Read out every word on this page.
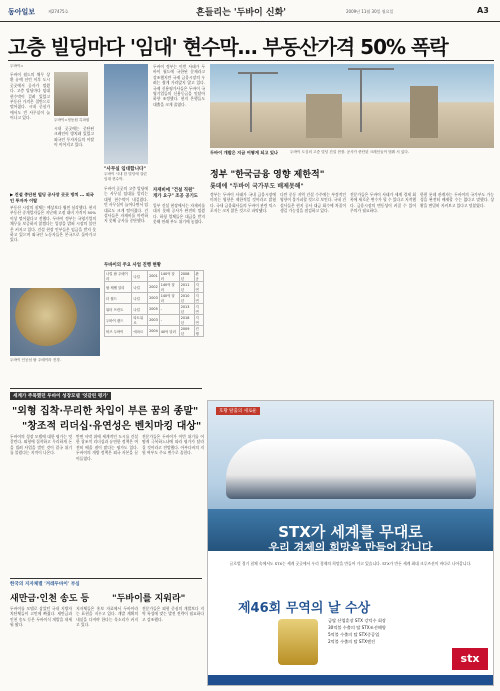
동아일보	제27475호	흔들리는 '두바이 신화'	2009년 11월 30일 월요일	A3
고층 빌딩마다 '임대' 현수막… 부동산가격 50% 폭락
두바이=
두바이 월드의 채무 상환 유예 선언 이후 도시 곳곳에서 공사가 멈췄다. 고층 빌딩마다 임대 현수막이 걸려 있었고 부동산 가격은 절반으로 떨어졌다. 시내 중심가에서도 빈 사무실이 늘어나고 있다.	두바이=정동원 특파원
시내 곳곳에는 중단된 크레인이 방치돼 있었고 외국인 투자자들의 이탈이 이어지고 있다.
▶ 건설 중단된 빌딩 공사장 곳곳 방치 … 외국인 투자자 이탈
부동산 시장의 침체는 예상보다 훨씬 심각했다. 현지 부동산 중개업자들은 지난해 고점 대비 가격이 50% 이상 떨어졌다고 전했다. 두바이 정부는 국영기업의 채무를 보증하지 않겠다는 입장을 밝혀 시장의 불안은 커지고 있다. 건설 현장 인부들은 임금을 받지 못하고 있으며 외국인 노동자들은 본국으로 돌아가고 있다.
두바이 인공섬 팜 주메이라 전경.
"사무실 임대합니다"
두바이 시내 한 빌딩에 걸린 임대 현수막.
두바이 곳곳의 고층 빌딩에는 사무실 임대를 알리는 대형 현수막이 내걸렸다. 빈 사무실이 늘어나면서 임대료도 크게 떨어졌다. 건설사들은 자재비를 마련하지 못해 공사를 중단했다.
두바이 정부는 이번 사태가 두바이 월드에 국한된 문제라고 강조했지만 국제 금융시장의 우려는 쉽게 가라앉지 않고 있다. 국제 신용평가사들은 두바이 국영기업들의 신용등급을 잇달아 하향 조정했다. 현지 은행들도 대출을 크게 줄였다.
자재비에 "건설 직원"
개가 요구" 조공 공기도
일부 건설 현장에서는 자재비를 대지 못해 공사가 완전히 멈췄다. 하청 업체들은 대금을 받지 못해 연쇄 부도 위기에 놓였다.
두바이의 주요 사업 진행 현황
나킬 팜 주메이라	나킬	2001	140억 달러	2008년	완공
팜 제벨 알리	나킬	2002	140억 달러	2011년	지연
더 월드	나킬	2003	140억 달러	2010년	지연
워터 프런트	나킬	2005	-	2013년	지연
두바이 랜드	타트위르	2003	-	2018년	지연
버즈 두바이	에마르	2004	40억 달러	2009년	진행
두바이 개발은 지금 어떻게 되고 있나	두바이 도심의 고층 빌딩 건설 현장. 공사가 중단된 크레인들이 멈춰 서 있다.
정부 "한국금융 영향 제한적"
롯데에 "두바이 국가부도 배제못해"
정부는 두바이 사태가 국내 금융시장에 미치는 영향은 제한적일 것이라고 밝혔다. 국내 금융회사들의 두바이 관련 익스포저는 크지 않은 것으로 파악됐다.
다만 중동 지역 건설 수주에는 부정적인 영향이 불가피할 것으로 보인다. 국내 건설사들은 현지 공사 대금 회수에 차질이 생길 가능성을 점검하고 있다.
전문가들은 두바이 사태가 세계 경제 회복에 새로운 변수가 될 수 있다고 지적했다. 금융시장의 변동성이 커질 수 있어 주의가 필요하다.
한편 롯데 관계자는 두바이의 국가부도 가능성을 완전히 배제할 수는 없다고 말했다. 상황을 면밀히 지켜보고 있다고 덧붙였다.
세계가 주목했던 두바이 성장모델 '엇갈린 평가'
"외형 집착·무리한 차입이 부른 꿈의 종말"
"창조적 리더십·유연성은 벤치마킹 대상"
두바이의 성장 모델에 대한 평가는 엇갈린다. 외형에 집착하고 무리하게 돈을 빌려 사업을 벌인 것이 결국 위기를 불렀다는 지적이 나온다.
반면 사막 위에 세계적인 도시를 건설한 창조적 리더십과 유연한 정책은 여전히 배울 점이 많다는 평가도 있다. 두바이의 개방 정책은 외국 자본을 끌어들였다.
전문가들은 두바이가 이번 위기를 어떻게 극복하느냐에 따라 평가가 달라질 것이라고 전망했다. 아부다비의 지원 여부도 주요 변수로 꼽힌다.
한국의 지자체별 '겨레두바이' 부심
새만금·인천 송도 등	"두바이를 지워라"
두바이를 모델로 삼았던 국내 지방자치단체들이 고민에 빠졌다. 새만금과 인천 송도 등은 두바이식 개발을 내세워 왔다.
지자체들은 홍보 자료에서 두바이라는 표현을 지우고 있다. 개발 계획의 내실을 다져야 한다는 목소리가 커지고 있다.
전문가들은 외형 중심의 개발보다 지역 특성에 맞는 발전 전략이 필요하다고 강조했다.
호황 탈출의 새로운
STX가 세계를 무대로
우리 경제의 희망을 만들어 갑니다
글로벌 경기 침체 속에서도 STX는 세계 곳곳에서 우리 경제의 희망을 만들어 가고 있습니다. STX가 만든 세계 최대 크루즈선이 바다로 나아갑니다.
제46회 무역의 날 수상
금탑 산업훈장 STX 강덕수 회장
30억불 수출의 탑 STX조선해양
5억불 수출의 탑 STX중공업
2억불 수출의 탑 STX엔진
stx
